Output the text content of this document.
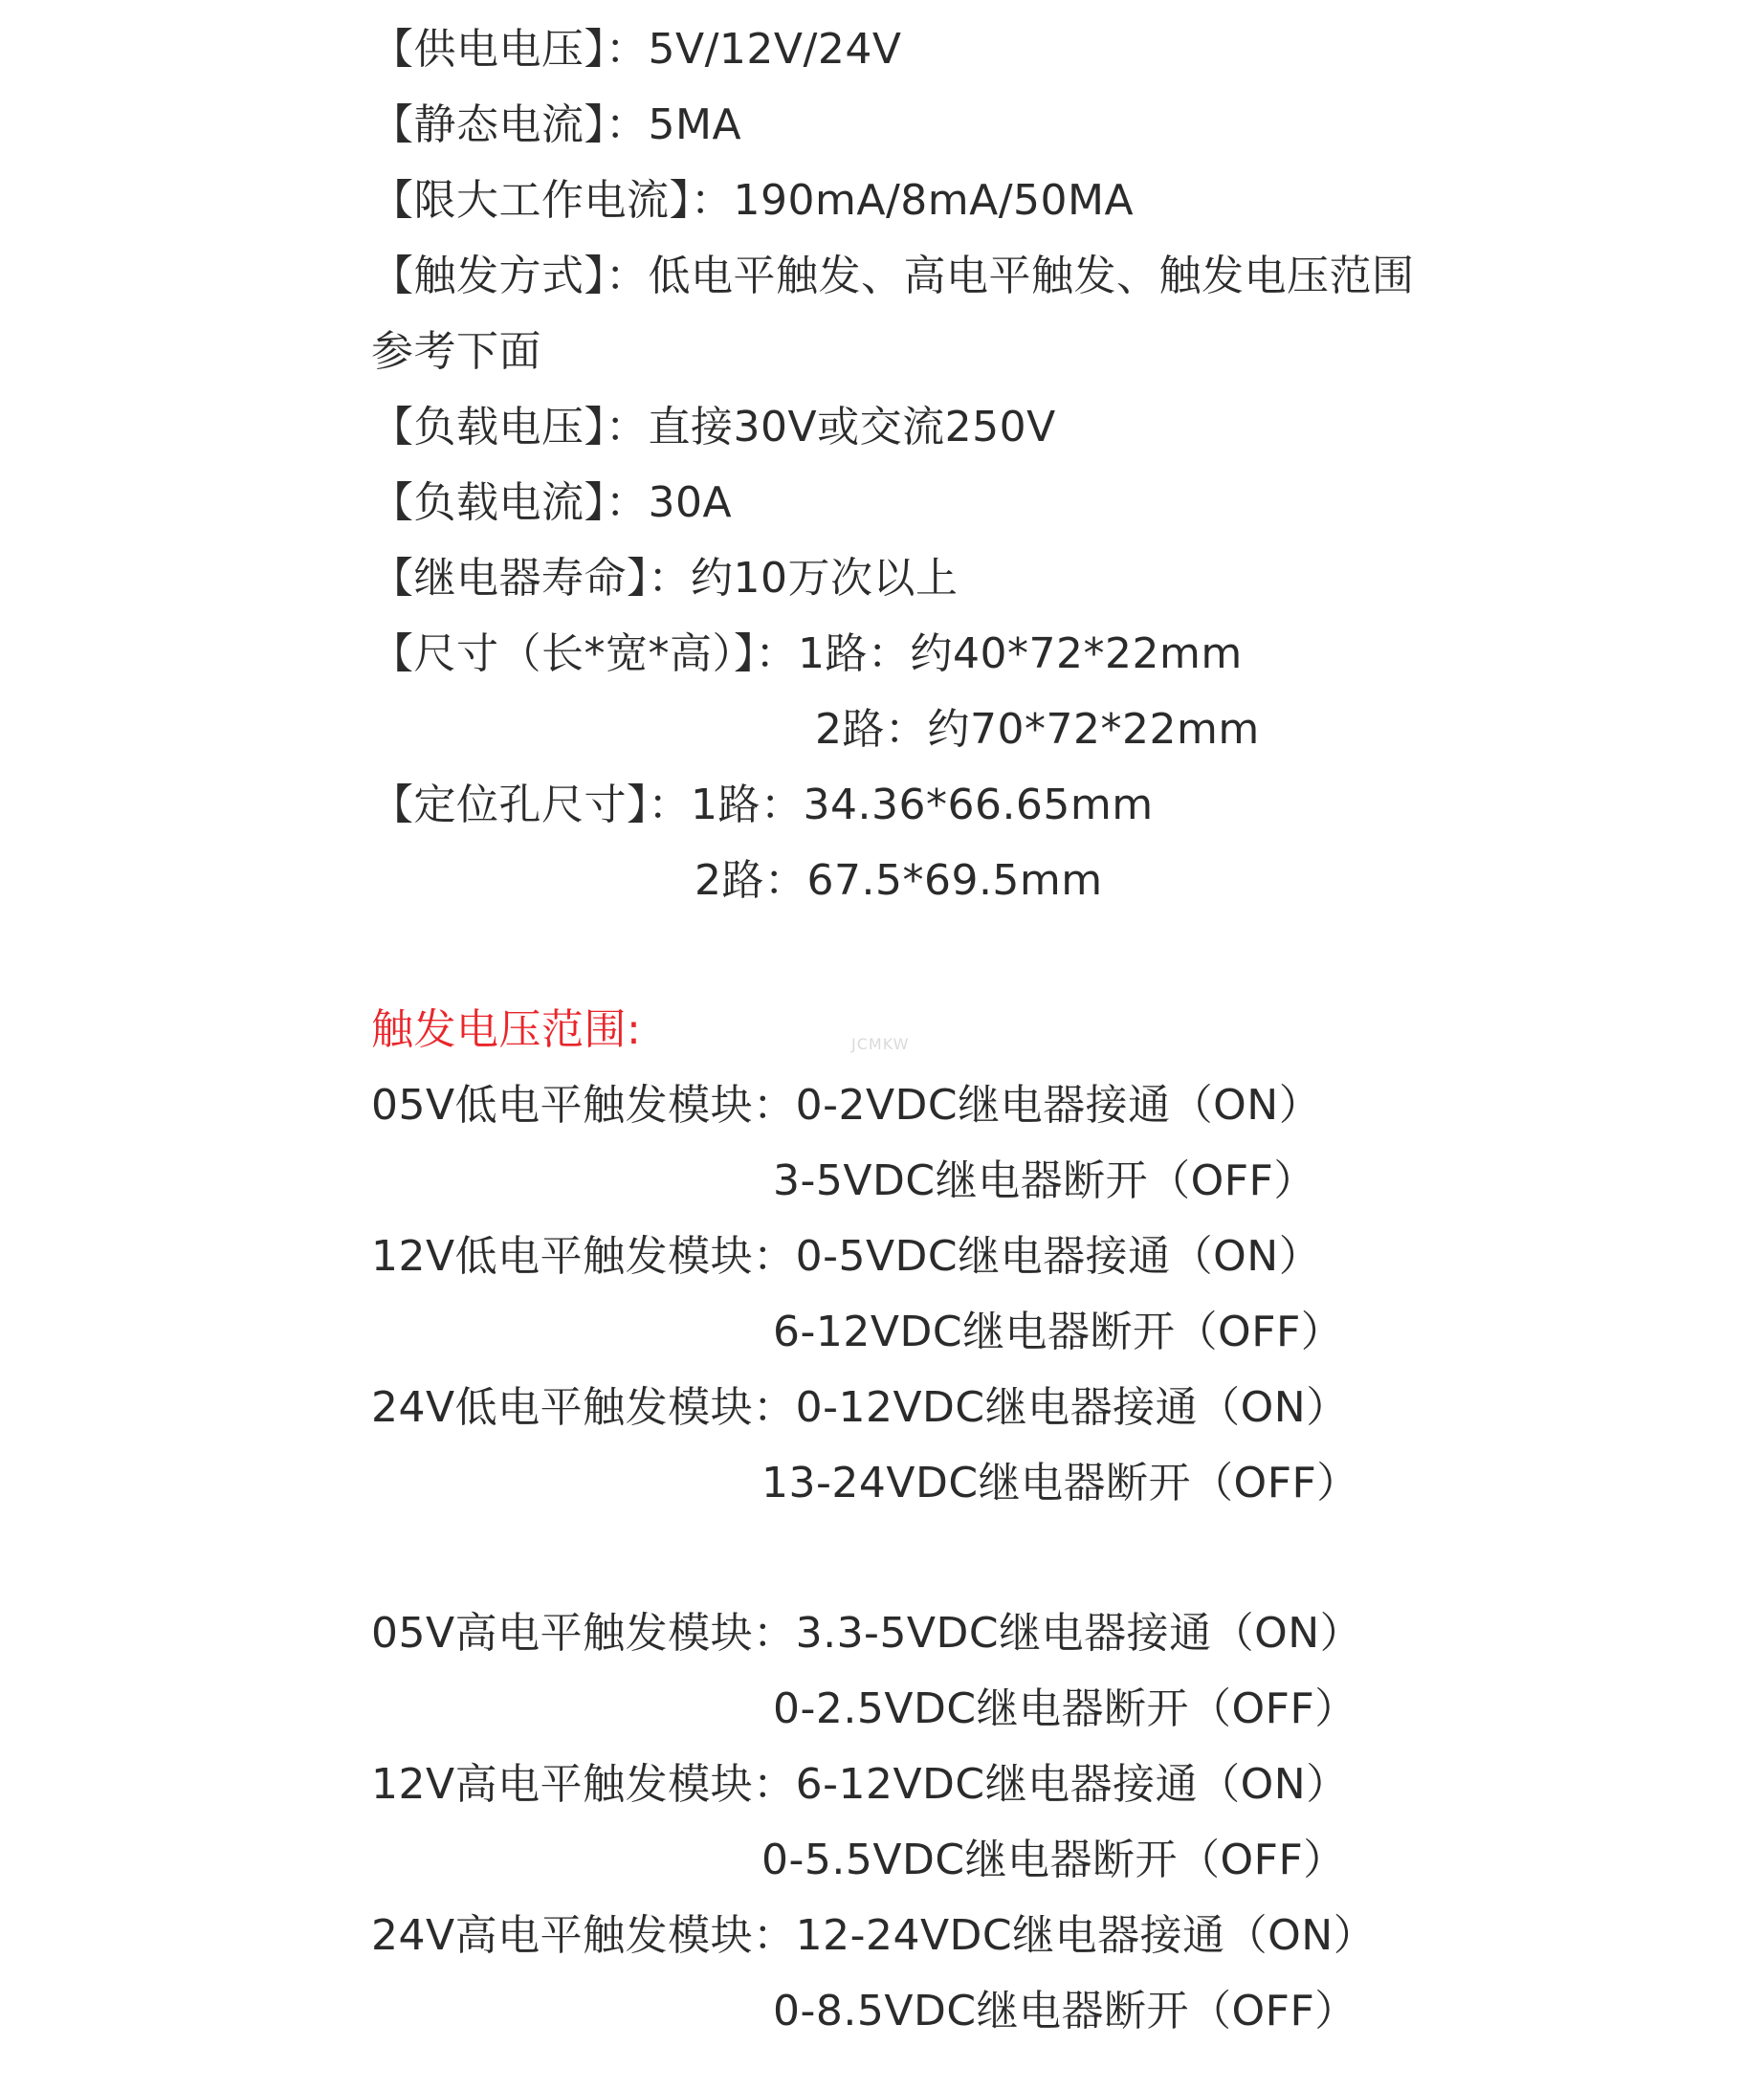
【供电电压】：5V/12V/24V
【静态电流】：5MA
【限大工作电流】：190mA/8mA/50MA
【触发方式】：低电平触发、高电平触发、触发电压范围
参考下面
【负载电压】：直接30V或交流250V
【负载电流】：30A
【继电器寿命】：约10万次以上
【尺寸（长*宽*高）】：1路：约40*72*22mm
2路：约70*72*22mm
【定位孔尺寸】：1路：34.36*66.65mm
2路：67.5*69.5mm
触发电压范围:	JCMKW
05V低电平触发模块：0-2VDC继电器接通（ON）
3-5VDC继电器断开（OFF）
12V低电平触发模块：0-5VDC继电器接通（ON）
6-12VDC继电器断开（OFF）
24V低电平触发模块：0-12VDC继电器接通（ON）
13-24VDC继电器断开（OFF）
05V高电平触发模块：3.3-5VDC继电器接通（ON）
0-2.5VDC继电器断开（OFF）
12V高电平触发模块：6-12VDC继电器接通（ON）
0-5.5VDC继电器断开（OFF）
24V高电平触发模块：12-24VDC继电器接通（ON）
0-8.5VDC继电器断开（OFF）
